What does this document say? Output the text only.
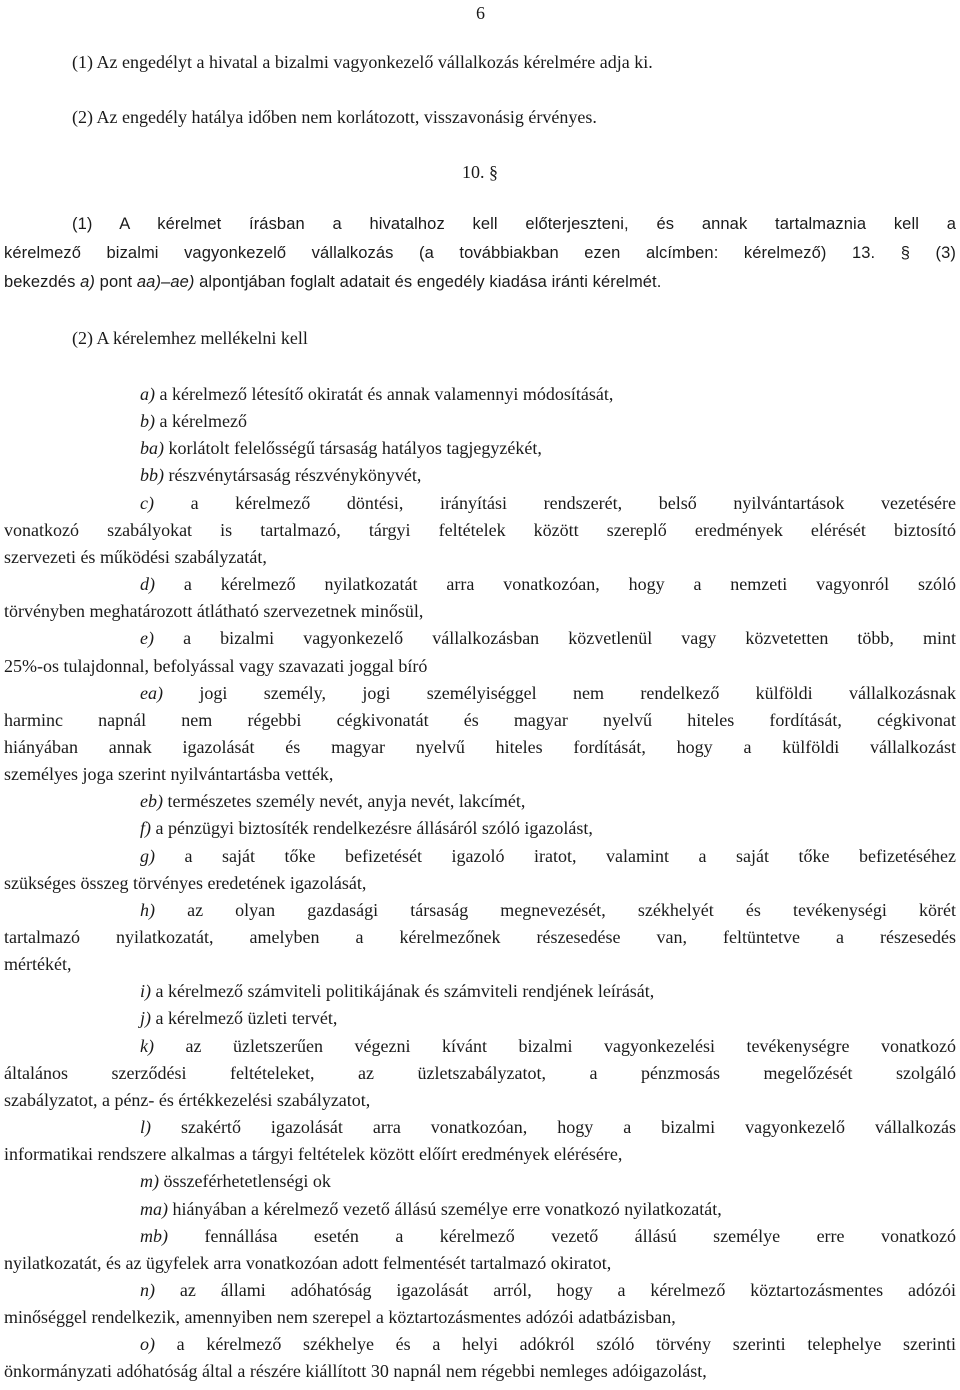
6
(1) Az engedélyt a hivatal a bizalmi vagyonkezelő vállalkozás kérelmére adja ki.
(2) Az engedély hatálya időben nem korlátozott, visszavonásig érvényes.
10. §
(1) A kérelmet írásban a hivatalhoz kell előterjeszteni, és annak tartalmaznia kell a
kérelmező bizalmi vagyonkezelő vállalkozás (a továbbiakban ezen alcímben: kérelmező) 13. § (3)
bekezdés a) pont aa)–ae) alpontjában foglalt adatait és engedély kiadása iránti kérelmét.
(2) A kérelemhez mellékelni kell
a) a kérelmező létesítő okiratát és annak valamennyi módosítását,
b) a kérelmező
ba) korlátolt felelősségű társaság hatályos tagjegyzékét,
bb) részvénytársaság részvénykönyvét,
c) a kérelmező döntési, irányítási rendszerét, belső nyilvántartások vezetésére
vonatkozó szabályokat is tartalmazó, tárgyi feltételek között szereplő eredmények elérését biztosító
szervezeti és működési szabályzatát,
d) a kérelmező nyilatkozatát arra vonatkozóan, hogy a nemzeti vagyonról szóló
törvényben meghatározott átlátható szervezetnek minősül,
e) a bizalmi vagyonkezelő vállalkozásban közvetlenül vagy közvetetten több, mint
25%-os tulajdonnal, befolyással vagy szavazati joggal bíró
ea) jogi személy, jogi személyiséggel nem rendelkező külföldi vállalkozásnak
harminc napnál nem régebbi cégkivonatát és magyar nyelvű hiteles fordítását, cégkivonat
hiányában annak igazolását és magyar nyelvű hiteles fordítását, hogy a külföldi vállalkozást
személyes joga szerint nyilvántartásba vették,
eb) természetes személy nevét, anyja nevét, lakcímét,
f) a pénzügyi biztosíték rendelkezésre állásáról szóló igazolást,
g) a saját tőke befizetését igazoló iratot, valamint a saját tőke befizetéséhez
szükséges összeg törvényes eredetének igazolását,
h) az olyan gazdasági társaság megnevezését, székhelyét és tevékenységi körét
tartalmazó nyilatkozatát, amelyben a kérelmezőnek részesedése van, feltüntetve a részesedés
mértékét,
i) a kérelmező számviteli politikájának és számviteli rendjének leírását,
j) a kérelmező üzleti tervét,
k) az üzletszerűen végezni kívánt bizalmi vagyonkezelési tevékenységre vonatkozó
általános szerződési feltételeket, az üzletszabályzatot, a pénzmosás megelőzését szolgáló
szabályzatot, a pénz- és értékkezelési szabályzatot,
l) szakértő igazolását arra vonatkozóan, hogy a bizalmi vagyonkezelő vállalkozás
informatikai rendszere alkalmas a tárgyi feltételek között előírt eredmények elérésére,
m) összeférhetetlenségi ok
ma) hiányában a kérelmező vezető állású személye erre vonatkozó nyilatkozatát,
mb) fennállása esetén a kérelmező vezető állású személye erre vonatkozó
nyilatkozatát, és az ügyfelek arra vonatkozóan adott felmentését tartalmazó okiratot,
n) az állami adóhatóság igazolását arról, hogy a kérelmező köztartozásmentes adózói
minőséggel rendelkezik, amennyiben nem szerepel a köztartozásmentes adózói adatbázisban,
o) a kérelmező székhelye és a helyi adókról szóló törvény szerinti telephelye szerinti
önkormányzati adóhatóság által a részére kiállított 30 napnál nem régebbi nemleges adóigazolást,
